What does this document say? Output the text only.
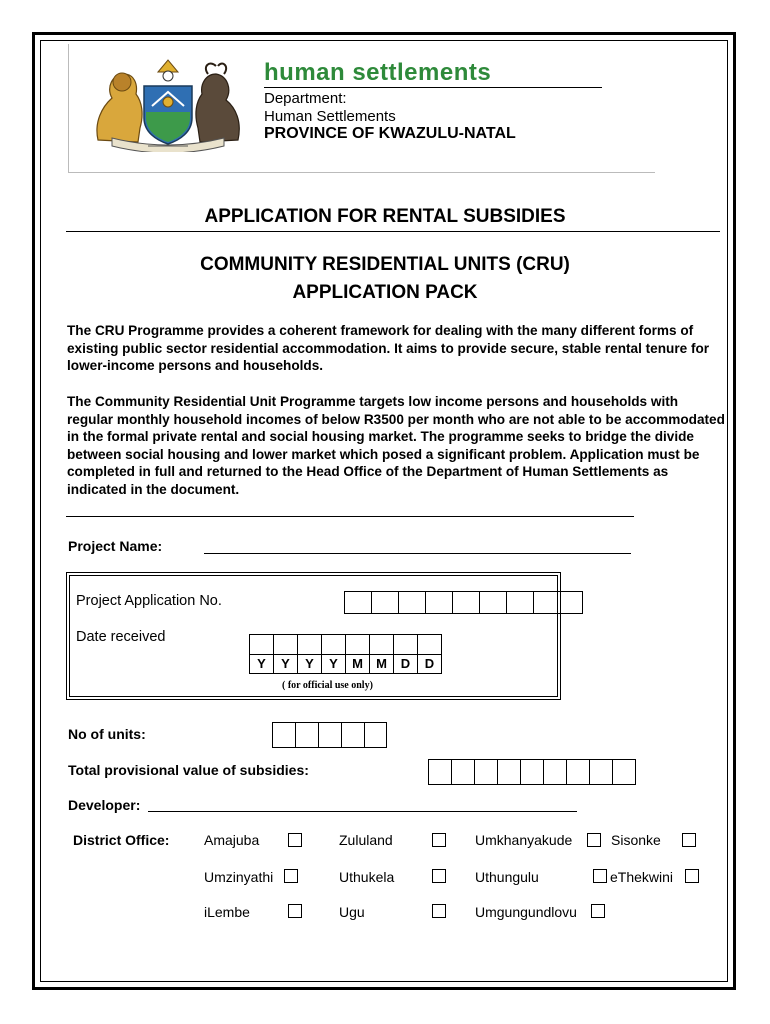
human settlements
Department:
Human Settlements
PROVINCE OF KWAZULU-NATAL
APPLICATION FOR RENTAL SUBSIDIES
COMMUNITY RESIDENTIAL UNITS (CRU)
APPLICATION PACK
The CRU Programme provides a coherent framework for dealing with the many different forms of existing public sector residential accommodation. It aims to provide secure, stable rental tenure for lower-income persons and households.
The Community Residential Unit Programme targets low income persons and households with regular monthly household incomes of below R3500 per month who are not able to be accommodated in the formal private rental and social housing market. The programme seeks to bridge the divide between social housing and lower market which posed a significant problem. Application must be completed in full and returned to the Head Office of the Department of Human Settlements as indicated in the document.
Project Name:
Project Application No.
Date received
Y	Y	Y	Y	M	M	D	D
( for official use only)
No of units:
Total provisional value of subsidies:
Developer:
District Office: Amajuba	Zululand	Umkhanyakude	Sisonke
Umzinyathi	Uthukela	Uthungulu	eThekwini
iLembe	Ugu	Umgungundlovu
